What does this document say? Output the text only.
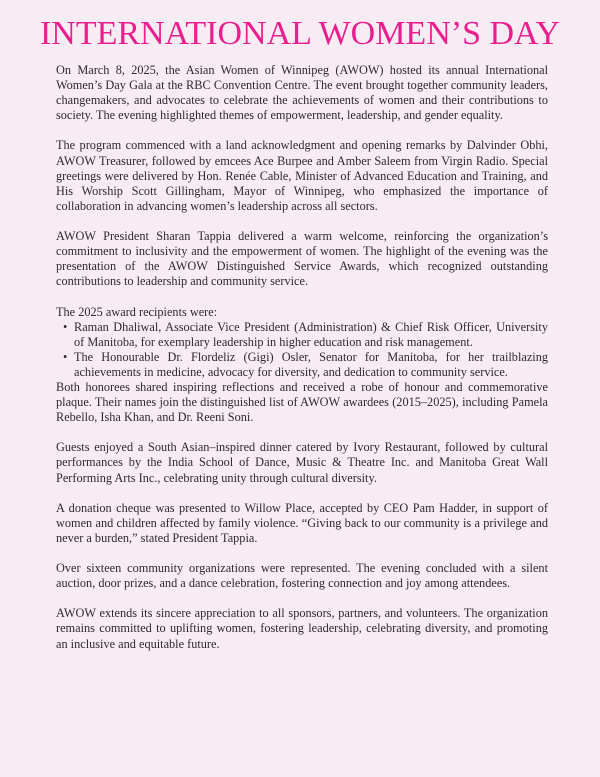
INTERNATIONAL WOMEN’S DAY

On March 8, 2025, the Asian Women of Winnipeg (AWOW) hosted its annual International Women’s Day Gala at the RBC Convention Centre. The event brought together community leaders, changemakers, and advocates to celebrate the achievements of women and their contributions to society. The evening highlighted themes of empowerment, leadership, and gender equality.

The program commenced with a land acknowledgment and opening remarks by Dalvinder Obhi, AWOW Treasurer, followed by emcees Ace Burpee and Amber Saleem from Virgin Radio. Special greetings were delivered by Hon. Renée Cable, Minister of Advanced Education and Training, and His Worship Scott Gillingham, Mayor of Winnipeg, who emphasized the importance of collaboration in advancing women’s leadership across all sectors.

AWOW President Sharan Tappia delivered a warm welcome, reinforcing the organization’s commitment to inclusivity and the empowerment of women. The highlight of the evening was the presentation of the AWOW Distinguished Service Awards, which recognized outstanding contributions to leadership and community service.

The 2025 award recipients were:

• Raman Dhaliwal, Associate Vice President (Administration) & Chief Risk Officer, University of Manitoba, for exemplary leadership in higher education and risk management.
• The Honourable Dr. Flordeliz (Gigi) Osler, Senator for Manitoba, for her trailblazing achievements in medicine, advocacy for diversity, and dedication to community service.

Both honorees shared inspiring reflections and received a robe of honour and commemorative plaque. Their names join the distinguished list of AWOW awardees (2015–2025), including Pamela Rebello, Isha Khan, and Dr. Reeni Soni.

Guests enjoyed a South Asian–inspired dinner catered by Ivory Restaurant, followed by cultural performances by the India School of Dance, Music & Theatre Inc. and Manitoba Great Wall Performing Arts Inc., celebrating unity through cultural diversity.

A donation cheque was presented to Willow Place, accepted by CEO Pam Hadder, in support of women and children affected by family violence. “Giving back to our community is a privilege and never a burden,” stated President Tappia.

Over sixteen community organizations were represented. The evening concluded with a silent auction, door prizes, and a dance celebration, fostering connection and joy among attendees.

AWOW extends its sincere appreciation to all sponsors, partners, and volunteers. The organization remains committed to uplifting women, fostering leadership, celebrating diversity, and promoting an inclusive and equitable future.
